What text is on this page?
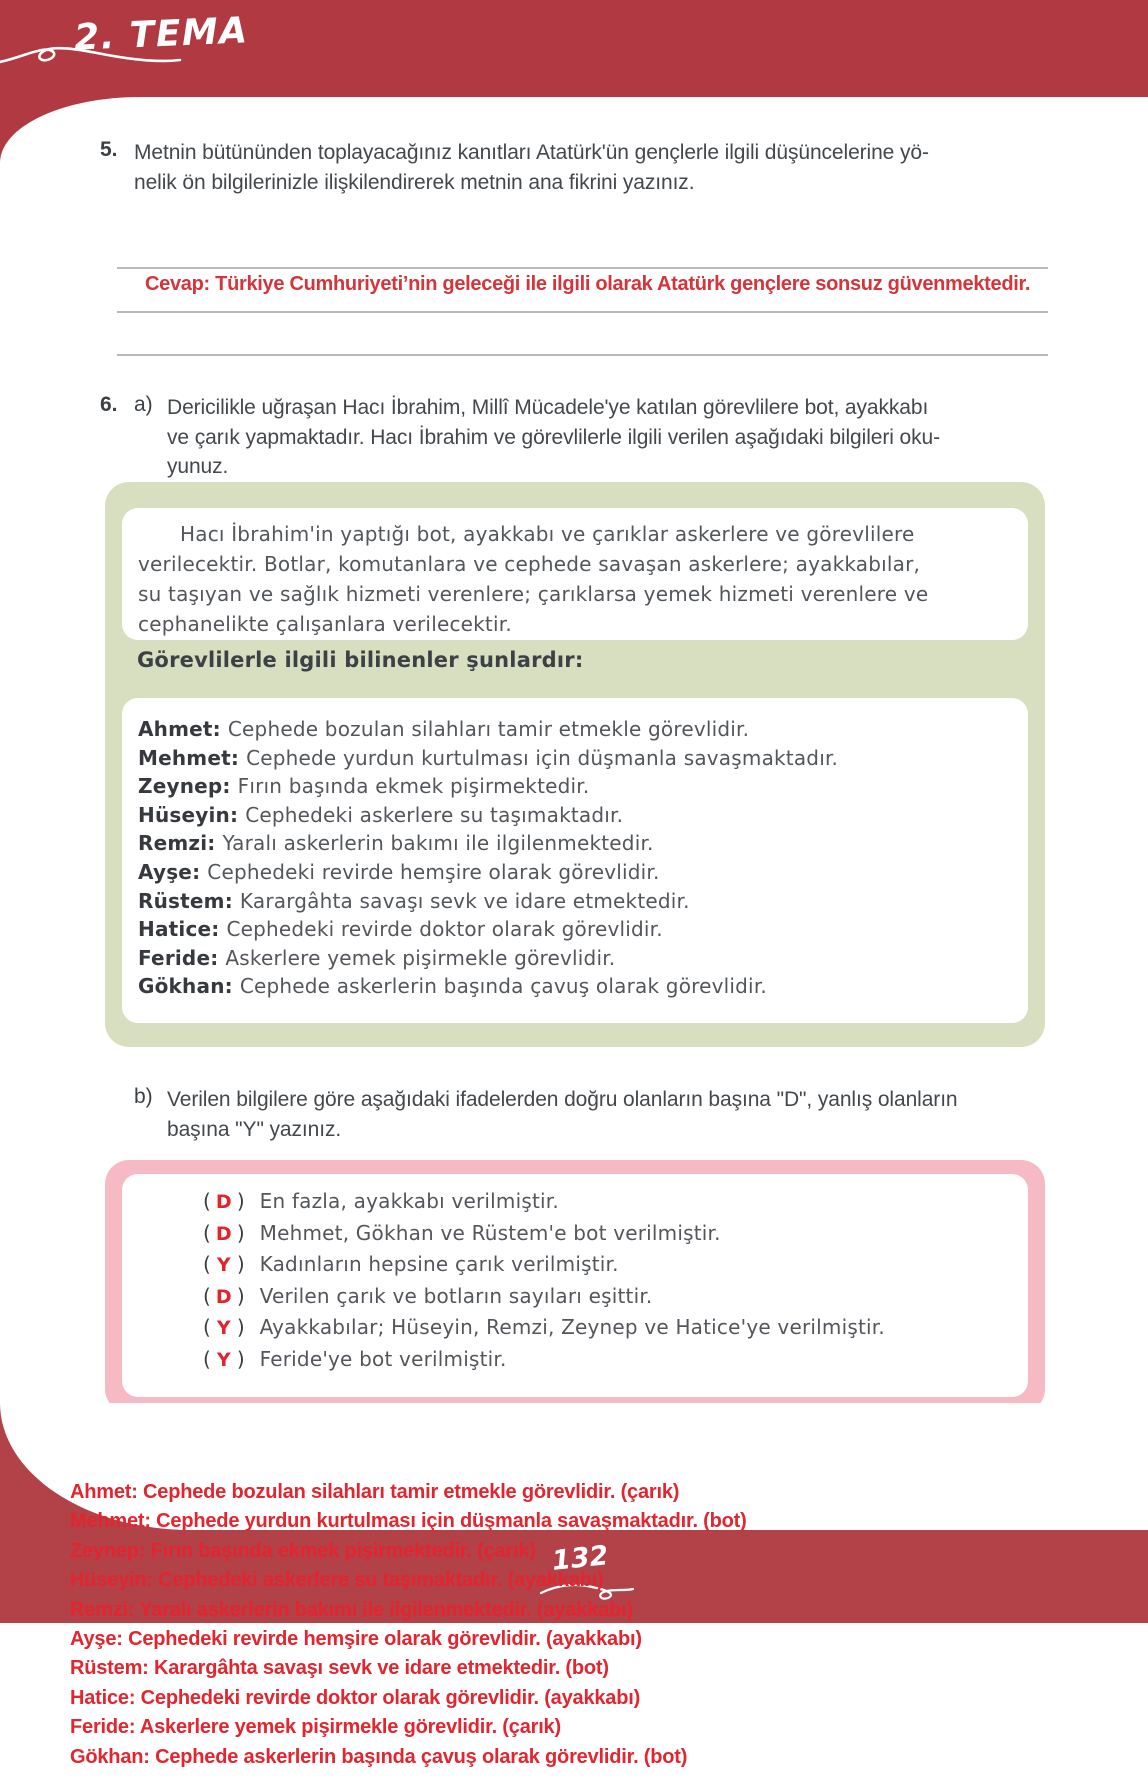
2. TEMA
5. Metnin bütününden toplayacağınız kanıtları Atatürk'ün gençlerle ilgili düşüncelerine yö-
nelik ön bilgilerinizle ilişkilendirerek metnin ana fikrini yazınız.
Cevap: Türkiye Cumhuriyeti’nin geleceği ile ilgili olarak Atatürk gençlere sonsuz güvenmektedir.
6. a) Dericilikle uğraşan Hacı İbrahim, Millî Mücadele'ye katılan görevlilere bot, ayakkabı
ve çarık yapmaktadır. Hacı İbrahim ve görevlilerle ilgili verilen aşağıdaki bilgileri oku-
yunuz.
Hacı İbrahim'in yaptığı bot, ayakkabı ve çarıklar askerlere ve görevlilere
verilecektir. Botlar, komutanlara ve cephede savaşan askerlere; ayakkabılar,
su taşıyan ve sağlık hizmeti verenlere; çarıklarsa yemek hizmeti verenlere ve
cephanelikte çalışanlara verilecektir.
Görevlilerle ilgili bilinenler şunlardır:
Ahmet: Cephede bozulan silahları tamir etmekle görevlidir.
Mehmet: Cephede yurdun kurtulması için düşmanla savaşmaktadır.
Zeynep: Fırın başında ekmek pişirmektedir.
Hüseyin: Cephedeki askerlere su taşımaktadır.
Remzi: Yaralı askerlerin bakımı ile ilgilenmektedir.
Ayşe: Cephedeki revirde hemşire olarak görevlidir.
Rüstem: Karargâhta savaşı sevk ve idare etmektedir.
Hatice: Cephedeki revirde doktor olarak görevlidir.
Feride: Askerlere yemek pişirmekle görevlidir.
Gökhan: Cephede askerlerin başında çavuş olarak görevlidir.
b) Verilen bilgilere göre aşağıdaki ifadelerden doğru olanların başına "D", yanlış olanların
başına "Y" yazınız.
( D ) En fazla, ayakkabı verilmiştir.
( D ) Mehmet, Gökhan ve Rüstem'e bot verilmiştir.
( Y ) Kadınların hepsine çarık verilmiştir.
( D ) Verilen çarık ve botların sayıları eşittir.
( Y ) Ayakkabılar; Hüseyin, Remzi, Zeynep ve Hatice'ye verilmiştir.
( Y ) Feride'ye bot verilmiştir.
132
Ahmet: Cephede bozulan silahları tamir etmekle görevlidir. (çarık)
Mehmet: Cephede yurdun kurtulması için düşmanla savaşmaktadır. (bot)
Zeynep: Fırın başında ekmek pişirmektedir. (çarık)
Hüseyin: Cephedeki askerlere su taşımaktadır. (ayakkabı)
Remzi: Yaralı askerlerin bakımı ile ilgilenmektedir. (ayakkabı)
Ayşe: Cephedeki revirde hemşire olarak görevlidir. (ayakkabı)
Rüstem: Karargâhta savaşı sevk ve idare etmektedir. (bot)
Hatice: Cephedeki revirde doktor olarak görevlidir. (ayakkabı)
Feride: Askerlere yemek pişirmekle görevlidir. (çarık)
Gökhan: Cephede askerlerin başında çavuş olarak görevlidir. (bot)
